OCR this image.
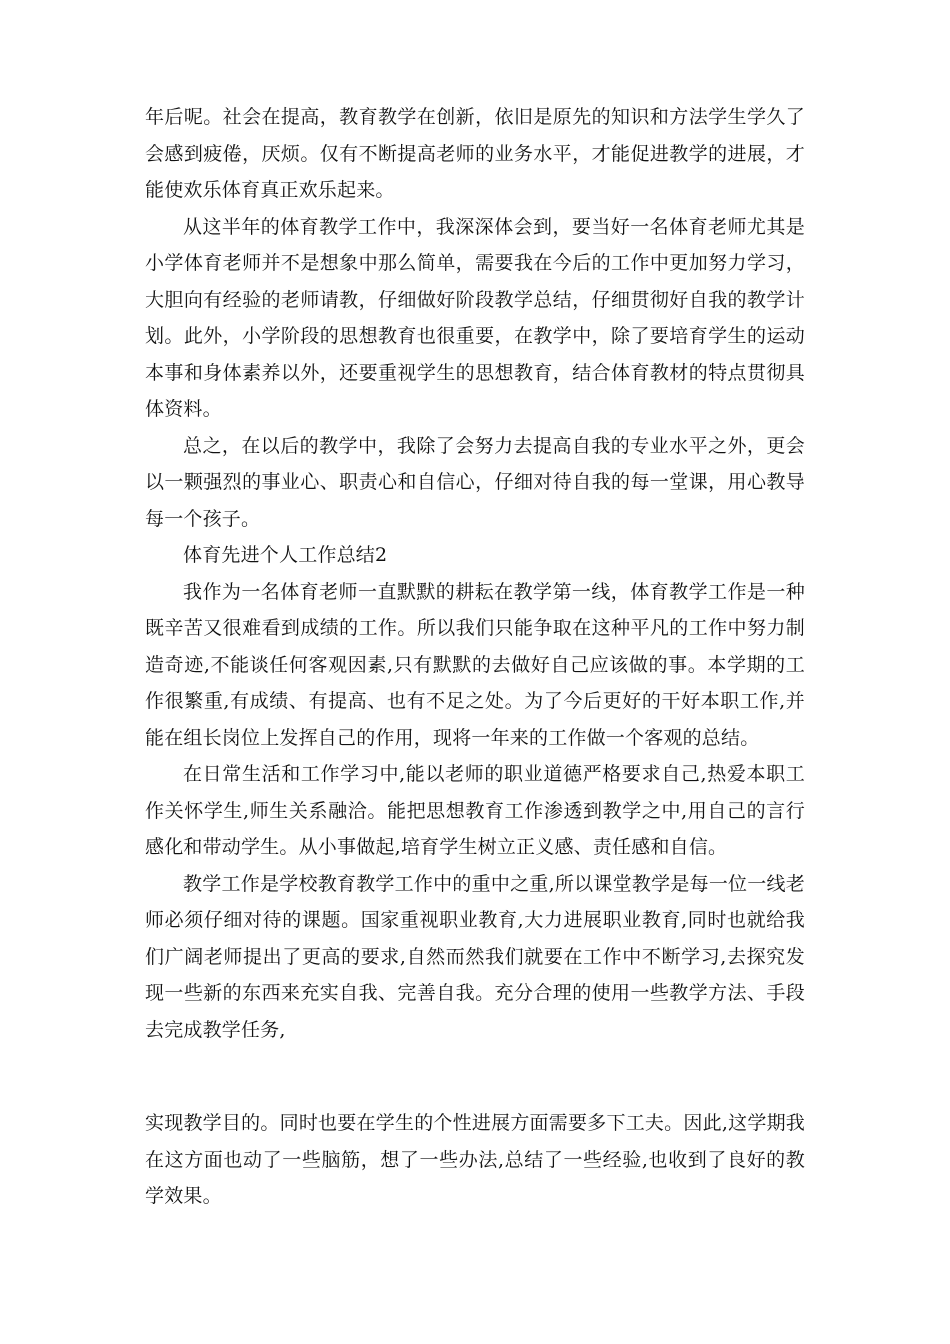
年后呢。社会在提高，教育教学在创新，依旧是原先的知识和方法学生学久了会感到疲倦，厌烦。仅有不断提高老师的业务水平，才能促进教学的进展，才能使欢乐体育真正欢乐起来。

从这半年的体育教学工作中，我深深体会到，要当好一名体育老师尤其是小学体育老师并不是想象中那么简单，需要我在今后的工作中更加努力学习，大胆向有经验的老师请教，仔细做好阶段教学总结，仔细贯彻好自我的教学计划。此外，小学阶段的思想教育也很重要，在教学中，除了要培育学生的运动本事和身体素养以外，还要重视学生的思想教育，结合体育教材的特点贯彻具体资料。

总之，在以后的教学中，我除了会努力去提高自我的专业水平之外，更会以一颗强烈的事业心、职责心和自信心，仔细对待自我的每一堂课，用心教导每一个孩子。

体育先进个人工作总结2

我作为一名体育老师一直默默的耕耘在教学第一线，体育教学工作是一种既辛苦又很难看到成绩的工作。所以我们只能争取在这种平凡的工作中努力制造奇迹,不能谈任何客观因素,只有默默的去做好自己应该做的事。本学期的工作很繁重,有成绩、有提高、也有不足之处。为了今后更好的干好本职工作,并能在组长岗位上发挥自己的作用，现将一年来的工作做一个客观的总结。

在日常生活和工作学习中,能以老师的职业道德严格要求自己,热爱本职工作关怀学生,师生关系融洽。能把思想教育工作渗透到教学之中,用自己的言行感化和带动学生。从小事做起,培育学生树立正义感、责任感和自信。

教学工作是学校教育教学工作中的重中之重,所以课堂教学是每一位一线老师必须仔细对待的课题。国家重视职业教育,大力进展职业教育,同时也就给我们广阔老师提出了更高的要求,自然而然我们就要在工作中不断学习,去探究发现一些新的东西来充实自我、完善自我。充分合理的使用一些教学方法、手段去完成教学任务,

实现教学目的。同时也要在学生的个性进展方面需要多下工夫。因此,这学期我在这方面也动了一些脑筋，想了一些办法,总结了一些经验,也收到了良好的教学效果。
